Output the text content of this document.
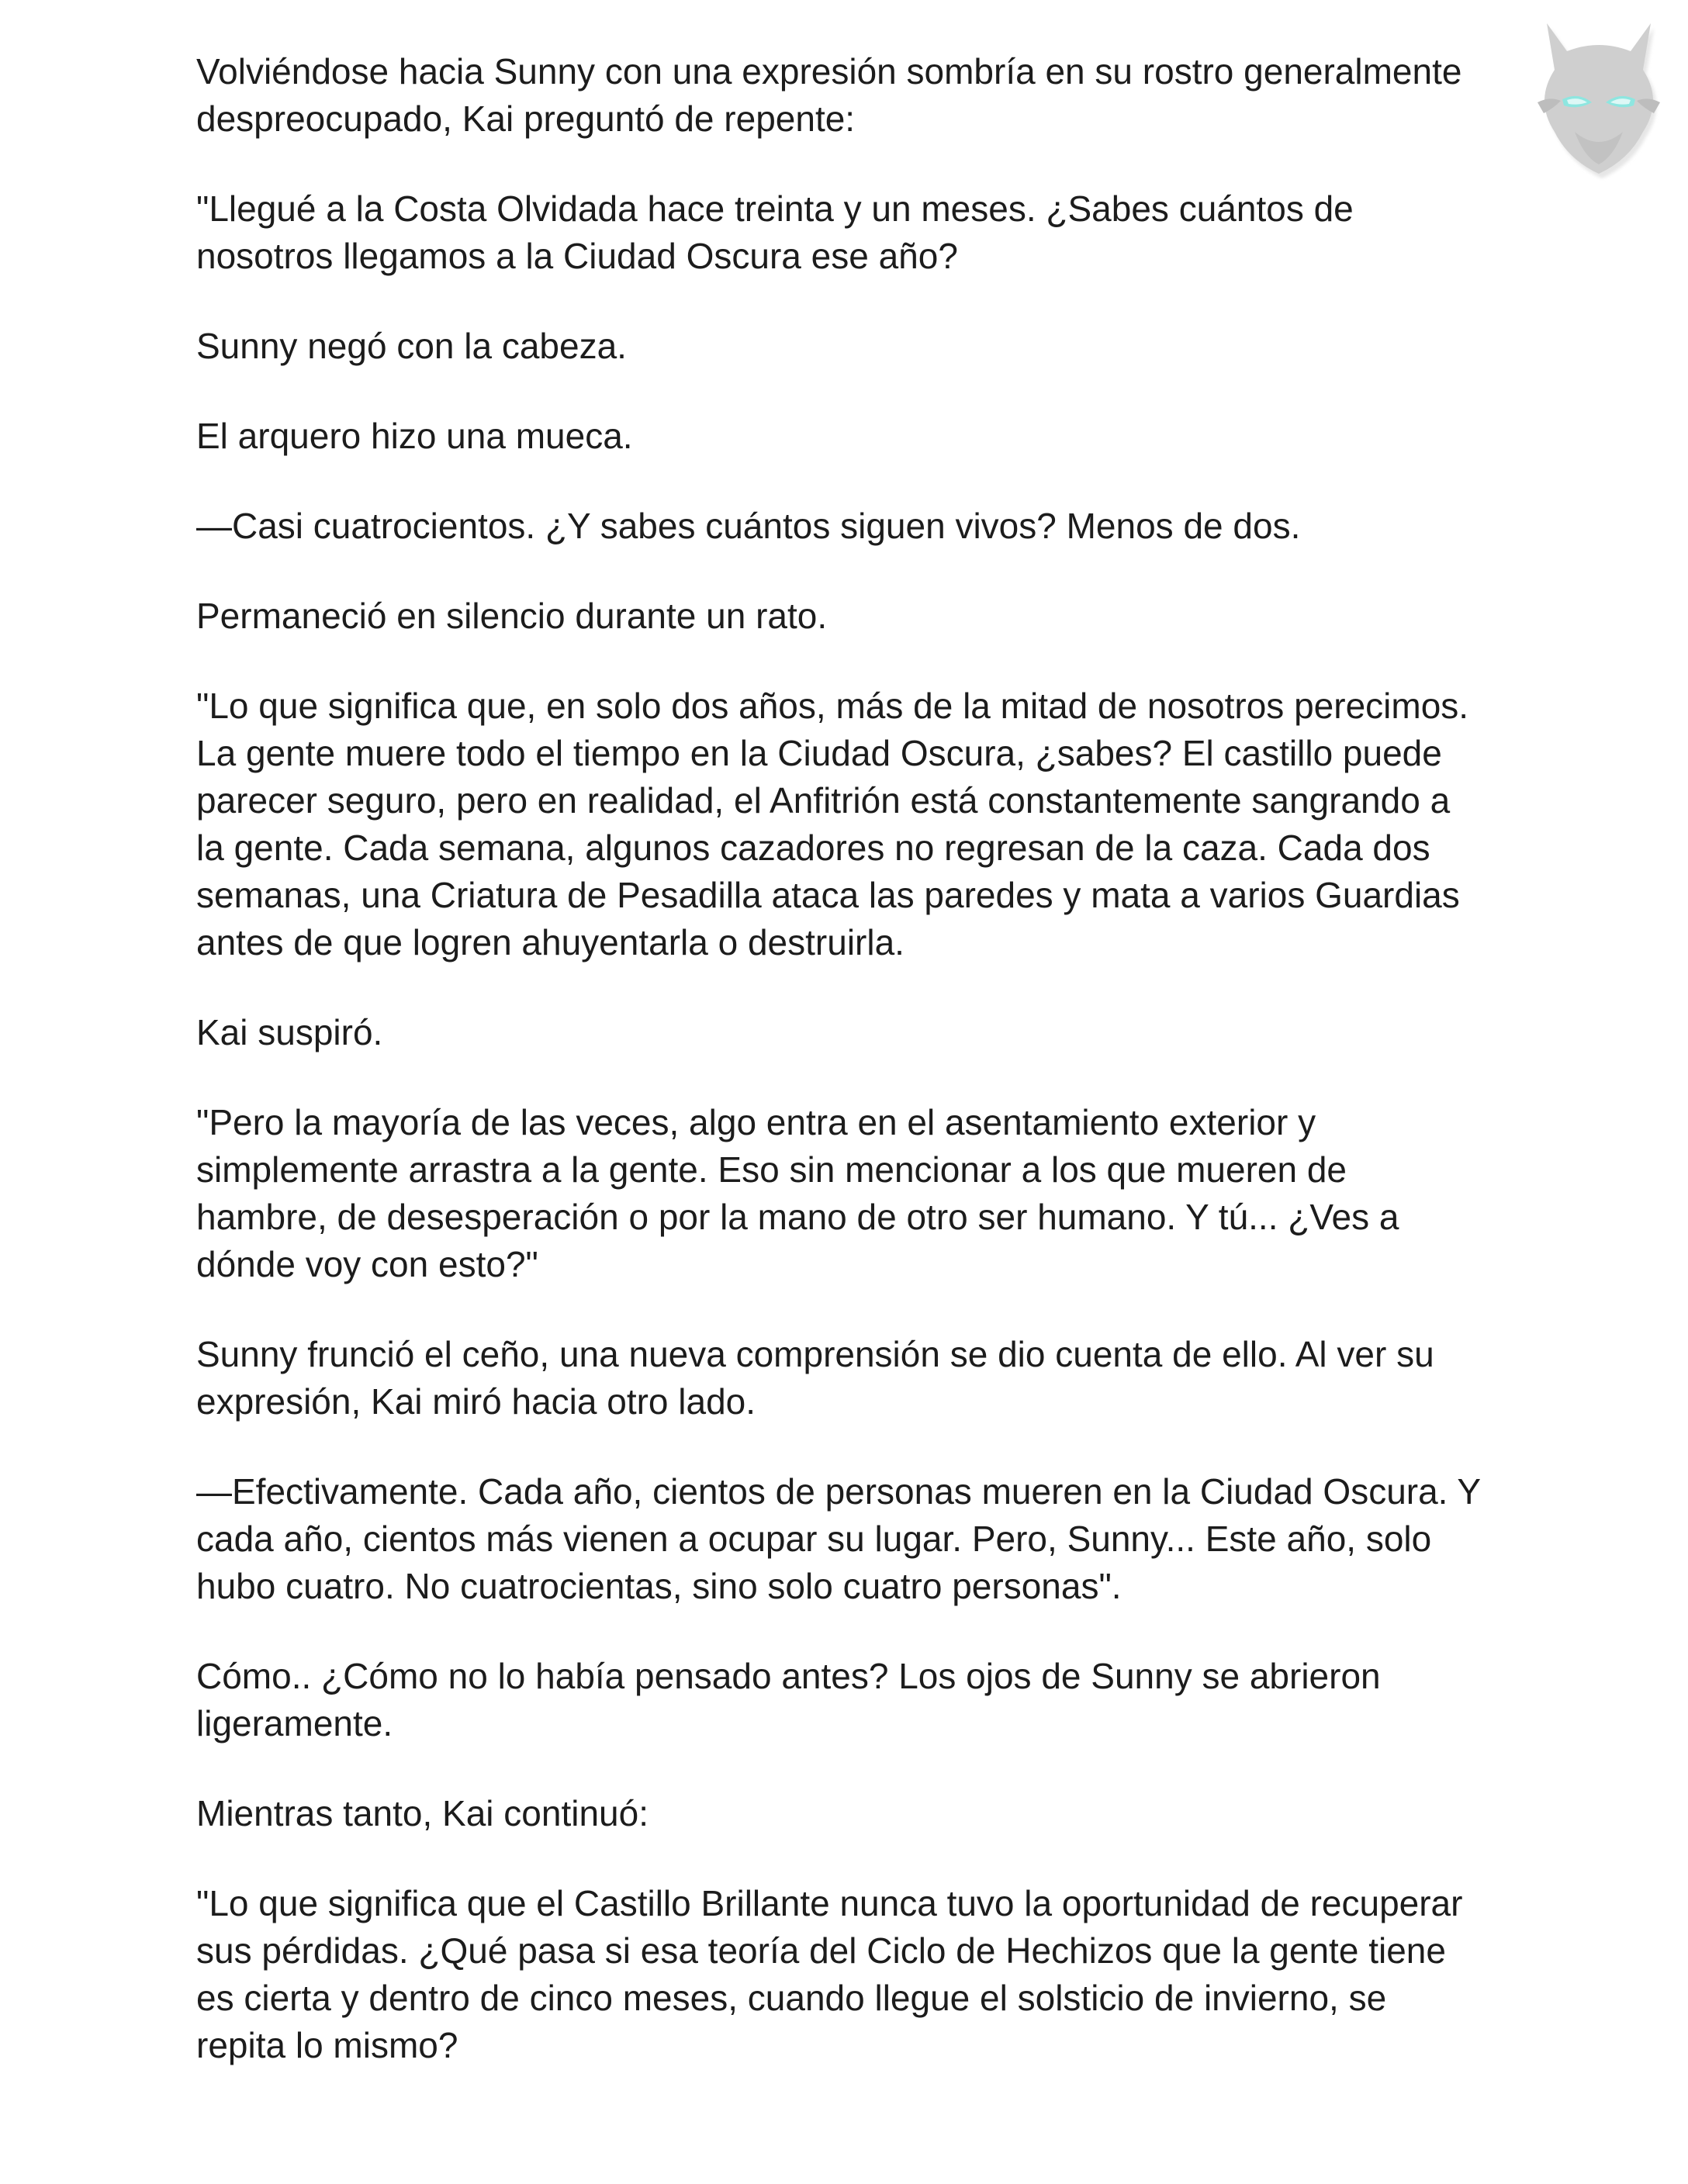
Volviéndose hacia Sunny con una expresión sombría en su rostro generalmente despreocupado, Kai preguntó de repente:

"Llegué a la Costa Olvidada hace treinta y un meses. ¿Sabes cuántos de nosotros llegamos a la Ciudad Oscura ese año?

Sunny negó con la cabeza.

El arquero hizo una mueca.

—Casi cuatrocientos. ¿Y sabes cuántos siguen vivos? Menos de dos.

Permaneció en silencio durante un rato.

"Lo que significa que, en solo dos años, más de la mitad de nosotros perecimos. La gente muere todo el tiempo en la Ciudad Oscura, ¿sabes? El castillo puede parecer seguro, pero en realidad, el Anfitrión está constantemente sangrando a la gente. Cada semana, algunos cazadores no regresan de la caza. Cada dos semanas, una Criatura de Pesadilla ataca las paredes y mata a varios Guardias antes de que logren ahuyentarla o destruirla.

Kai suspiró.

"Pero la mayoría de las veces, algo entra en el asentamiento exterior y simplemente arrastra a la gente. Eso sin mencionar a los que mueren de hambre, de desesperación o por la mano de otro ser humano. Y tú... ¿Ves a dónde voy con esto?"

Sunny frunció el ceño, una nueva comprensión se dio cuenta de ello. Al ver su expresión, Kai miró hacia otro lado.

—Efectivamente. Cada año, cientos de personas mueren en la Ciudad Oscura. Y cada año, cientos más vienen a ocupar su lugar. Pero, Sunny... Este año, solo hubo cuatro. No cuatrocientas, sino solo cuatro personas".

Cómo.. ¿Cómo no lo había pensado antes? Los ojos de Sunny se abrieron ligeramente.

Mientras tanto, Kai continuó:

"Lo que significa que el Castillo Brillante nunca tuvo la oportunidad de recuperar sus pérdidas. ¿Qué pasa si esa teoría del Ciclo de Hechizos que la gente tiene es cierta y dentro de cinco meses, cuando llegue el solsticio de invierno, se repita lo mismo?
